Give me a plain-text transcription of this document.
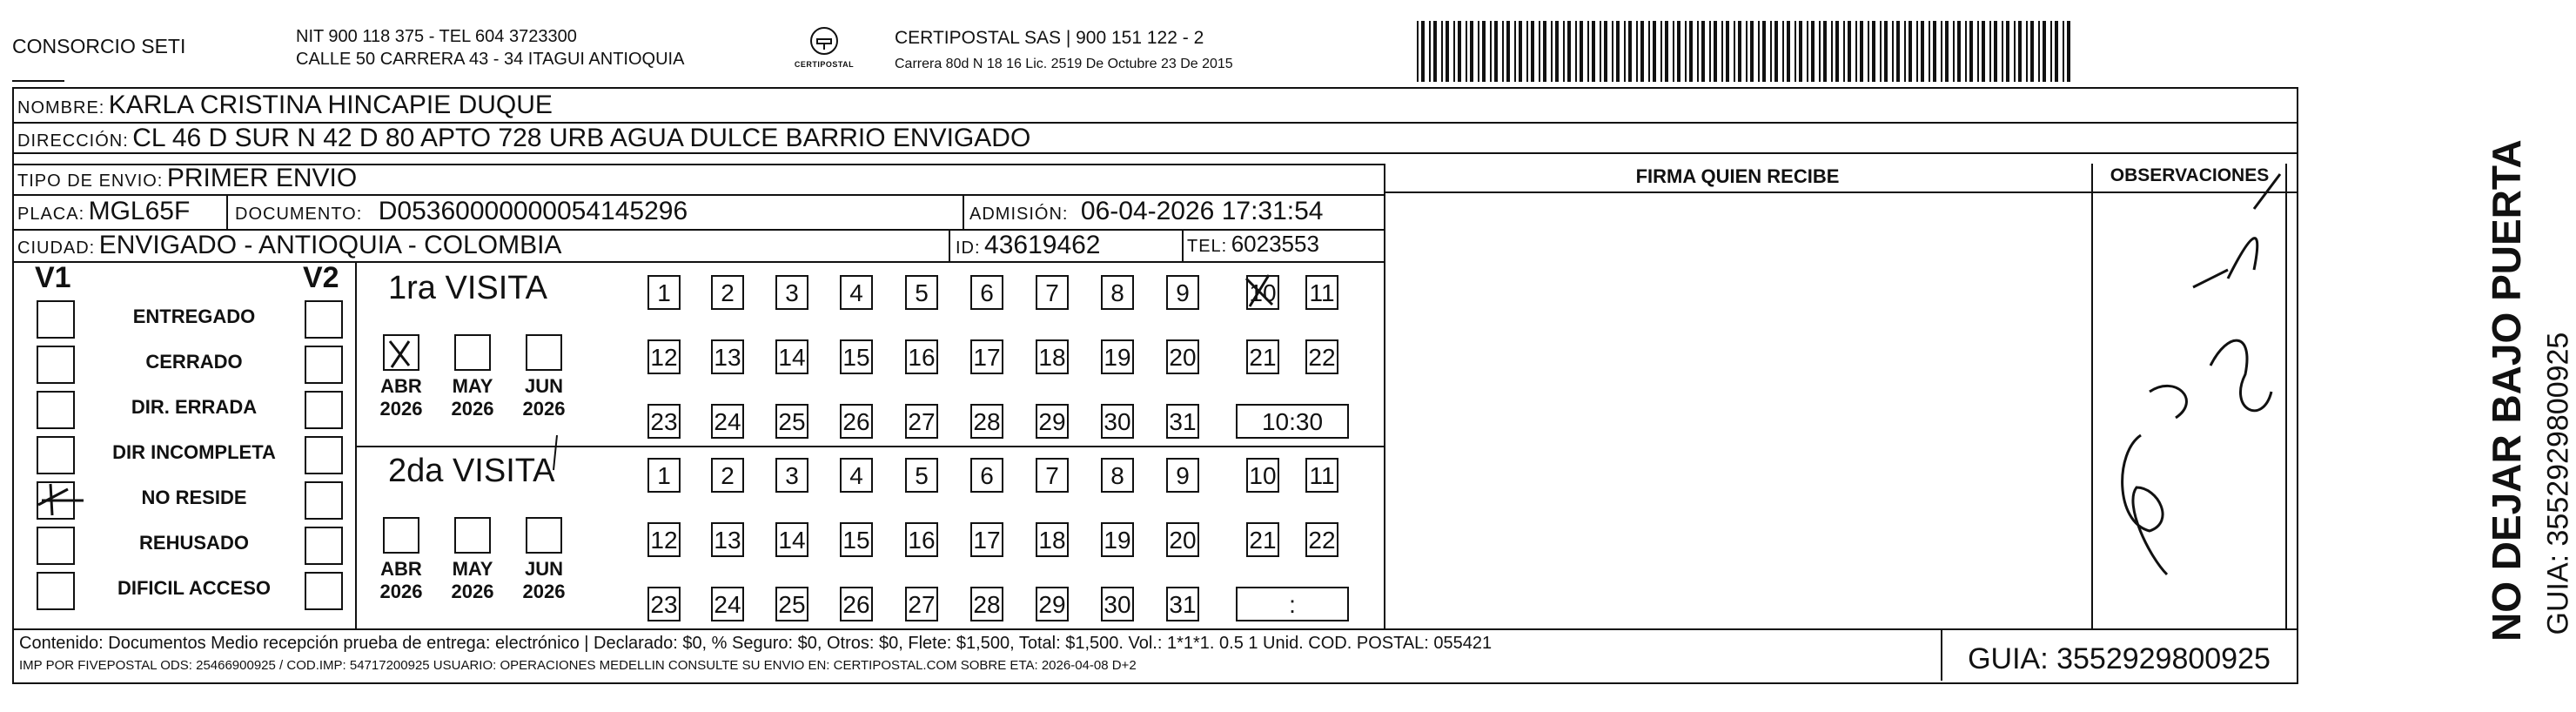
CONSORCIO SETI	NIT 900 118 375 - TEL 604 3723300
CALLE 50 CARRERA 43 - 34 ITAGUI ANTIOQUIA	CERTIPOSTAL
CERTIPOSTAL SAS | 900 151 122 - 2
Carrera 80d N 18 16 Lic. 2519 De Octubre 23 De 2015
NOMBRE: KARLA CRISTINA HINCAPIE DUQUE
DIRECCIÓN: CL 46 D SUR N 42 D 80 APTO 728 URB AGUA DULCE BARRIO ENVIGADO
TIPO DE ENVIO: PRIMER ENVIO
PLACA: MGL65F	DOCUMENTO: D05360000000054145296	ADMISIÓN: 06-04-2026 17:31:54
CIUDAD: ENVIGADO - ANTIOQUIA - COLOMBIA	ID: 43619462	TEL: 6023553
FIRMA QUIEN RECIBE	OBSERVACIONES
V1	V2 1ra VISITA
2da VISITA
ENTREGADO
CERRADO
DIR. ERRADA
DIR INCOMPLETA
NO RESIDE
REHUSADO
DIFICIL ACCESO
1	2	3	4	5	6	7	8	9	10 11
12 13 14 15 16 17 18 19 20 21 22
23 24 25 26 27 28 29 30 31	10:30
1	2	3	4	5	6	7	8	9	10 11
12 13 14 15 16 17 18 19 20 21 22
23 24 25 26 27 28 29 30 31	:
ABR
2026
MAY
2026
JUN
2026
ABR
2026
MAY
2026
JUN
2026	NO DEJAR BAJO PUERTA GUIA: 3552929800925
Contenido: Documentos Medio recepción prueba de entrega: electrónico | Declarado: $0, % Seguro: $0, Otros: $0, Flete: $1,500, Total: $1,500. Vol.: 1*1*1. 0.5 1 Unid. COD. POSTAL: 055421
IMP POR FIVEPOSTAL ODS: 25466900925 / COD.IMP: 54717200925 USUARIO: OPERACIONES MEDELLIN CONSULTE SU ENVIO EN: CERTIPOSTAL.COM SOBRE ETA: 2026-04-08 D+2	GUIA: 3552929800925
